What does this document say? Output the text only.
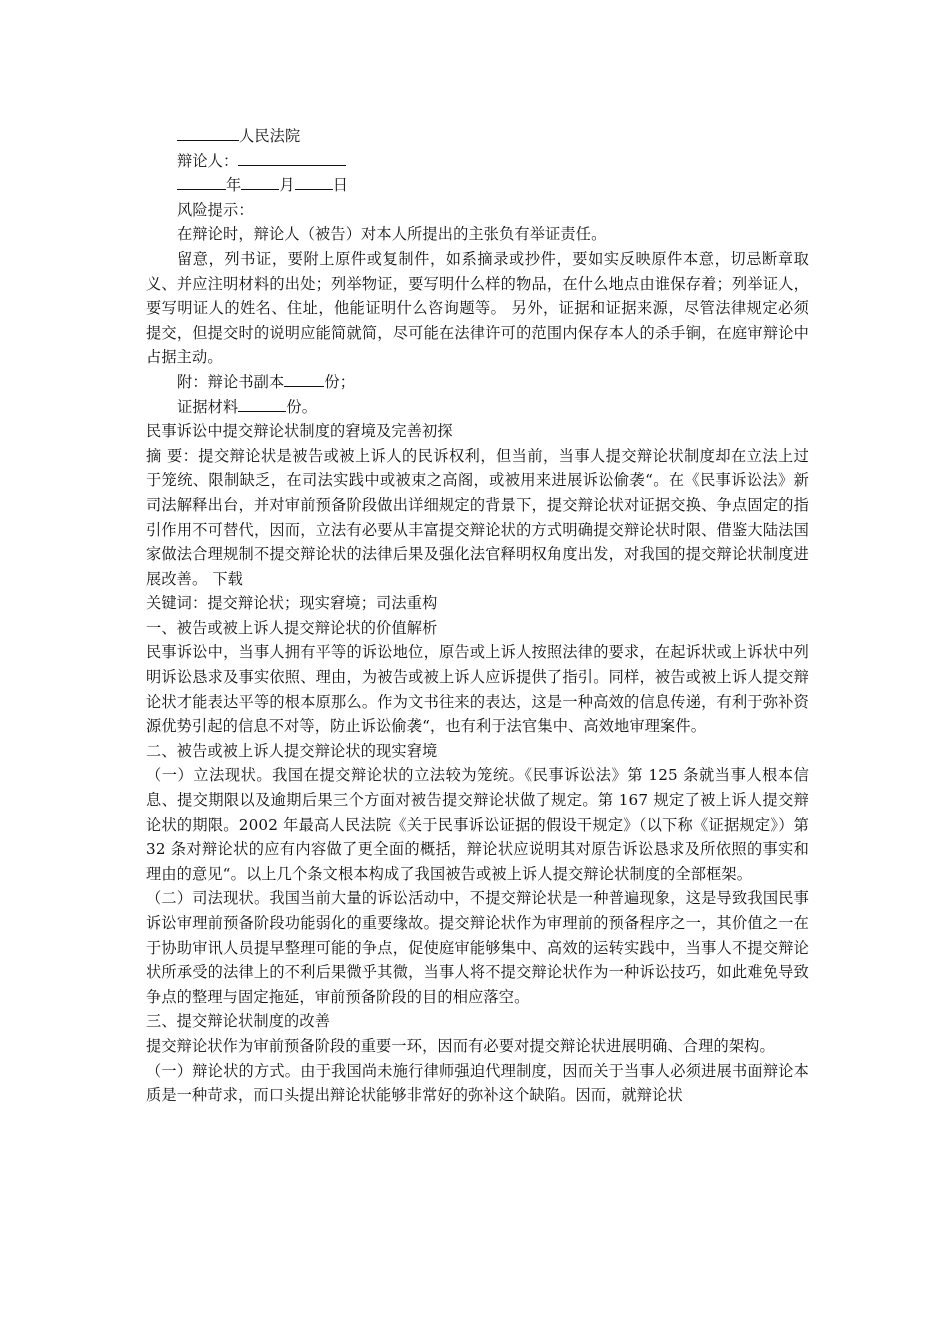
人民法院

辩论人：

年	月	日

风险提示：

在辩论时，辩论人（被告）对本人所提出的主张负有举证责任。

留意，列书证，要附上原件或复制件，如系摘录或抄件，要如实反映原件本意，切忌断章取义、并应注明材料的出处；列举物证，要写明什么样的物品，在什么地点由谁保存着；列举证人，要写明证人的姓名、住址，他能证明什么咨询题等。 另外，证据和证据来源，尽管法律规定必须提交，但提交时的说明应能简就简，尽可能在法律许可的范围内保存本人的杀手锏，在庭审辩论中占据主动。

附：辩论书副本	份；

证据材料	份。

民事诉讼中提交辩论状制度的窘境及完善初探

摘 要：提交辩论状是被告或被上诉人的民诉权利，但当前，当事人提交辩论状制度却在立法上过于笼统、限制缺乏，在司法实践中或被束之高阁，或被用来进展诉讼偷袭“。在《民事诉讼法》新司法解释出台，并对审前预备阶段做出详细规定的背景下，提交辩论状对证据交换、争点固定的指引作用不可替代，因而，立法有必要从丰富提交辩论状的方式明确提交辩论状时限、借鉴大陆法国家做法合理规制不提交辩论状的法律后果及强化法官释明权角度出发，对我国的提交辩论状制度进展改善。 下载

关键词：提交辩论状；现实窘境；司法重构

一、被告或被上诉人提交辩论状的价值解析

民事诉讼中，当事人拥有平等的诉讼地位，原告或上诉人按照法律的要求，在起诉状或上诉状中列明诉讼恳求及事实依照、理由，为被告或被上诉人应诉提供了指引。同样，被告或被上诉人提交辩论状才能表达平等的根本原那么。作为文书往来的表达，这是一种高效的信息传递，有利于弥补资源优势引起的信息不对等，防止诉讼偷袭“，也有利于法官集中、高效地审理案件。

二、被告或被上诉人提交辩论状的现实窘境

（一）立法现状。我国在提交辩论状的立法较为笼统。《民事诉讼法》第 125 条就当事人根本信息、提交期限以及逾期后果三个方面对被告提交辩论状做了规定。第 167 规定了被上诉人提交辩论状的期限。2002 年最高人民法院《关于民事诉讼证据的假设干规定》（以下称《证据规定》）第 32 条对辩论状的应有内容做了更全面的概括，辩论状应说明其对原告诉讼恳求及所依照的事实和理由的意见“。以上几个条文根本构成了我国被告或被上诉人提交辩论状制度的全部框架。

（二）司法现状。我国当前大量的诉讼活动中，不提交辩论状是一种普遍现象，这是导致我国民事诉讼审理前预备阶段功能弱化的重要缘故。提交辩论状作为审理前的预备程序之一，其价值之一在于协助审讯人员提早整理可能的争点，促使庭审能够集中、高效的运转实践中，当事人不提交辩论状所承受的法律上的不利后果微乎其微，当事人将不提交辩论状作为一种诉讼技巧，如此难免导致争点的整理与固定拖延，审前预备阶段的目的相应落空。

三、提交辩论状制度的改善

提交辩论状作为审前预备阶段的重要一环，因而有必要对提交辩论状进展明确、合理的架构。

（一）辩论状的方式。由于我国尚未施行律师强迫代理制度，因而关于当事人必须进展书面辩论本质是一种苛求，而口头提出辩论状能够非常好的弥补这个缺陷。因而，就辩论状
